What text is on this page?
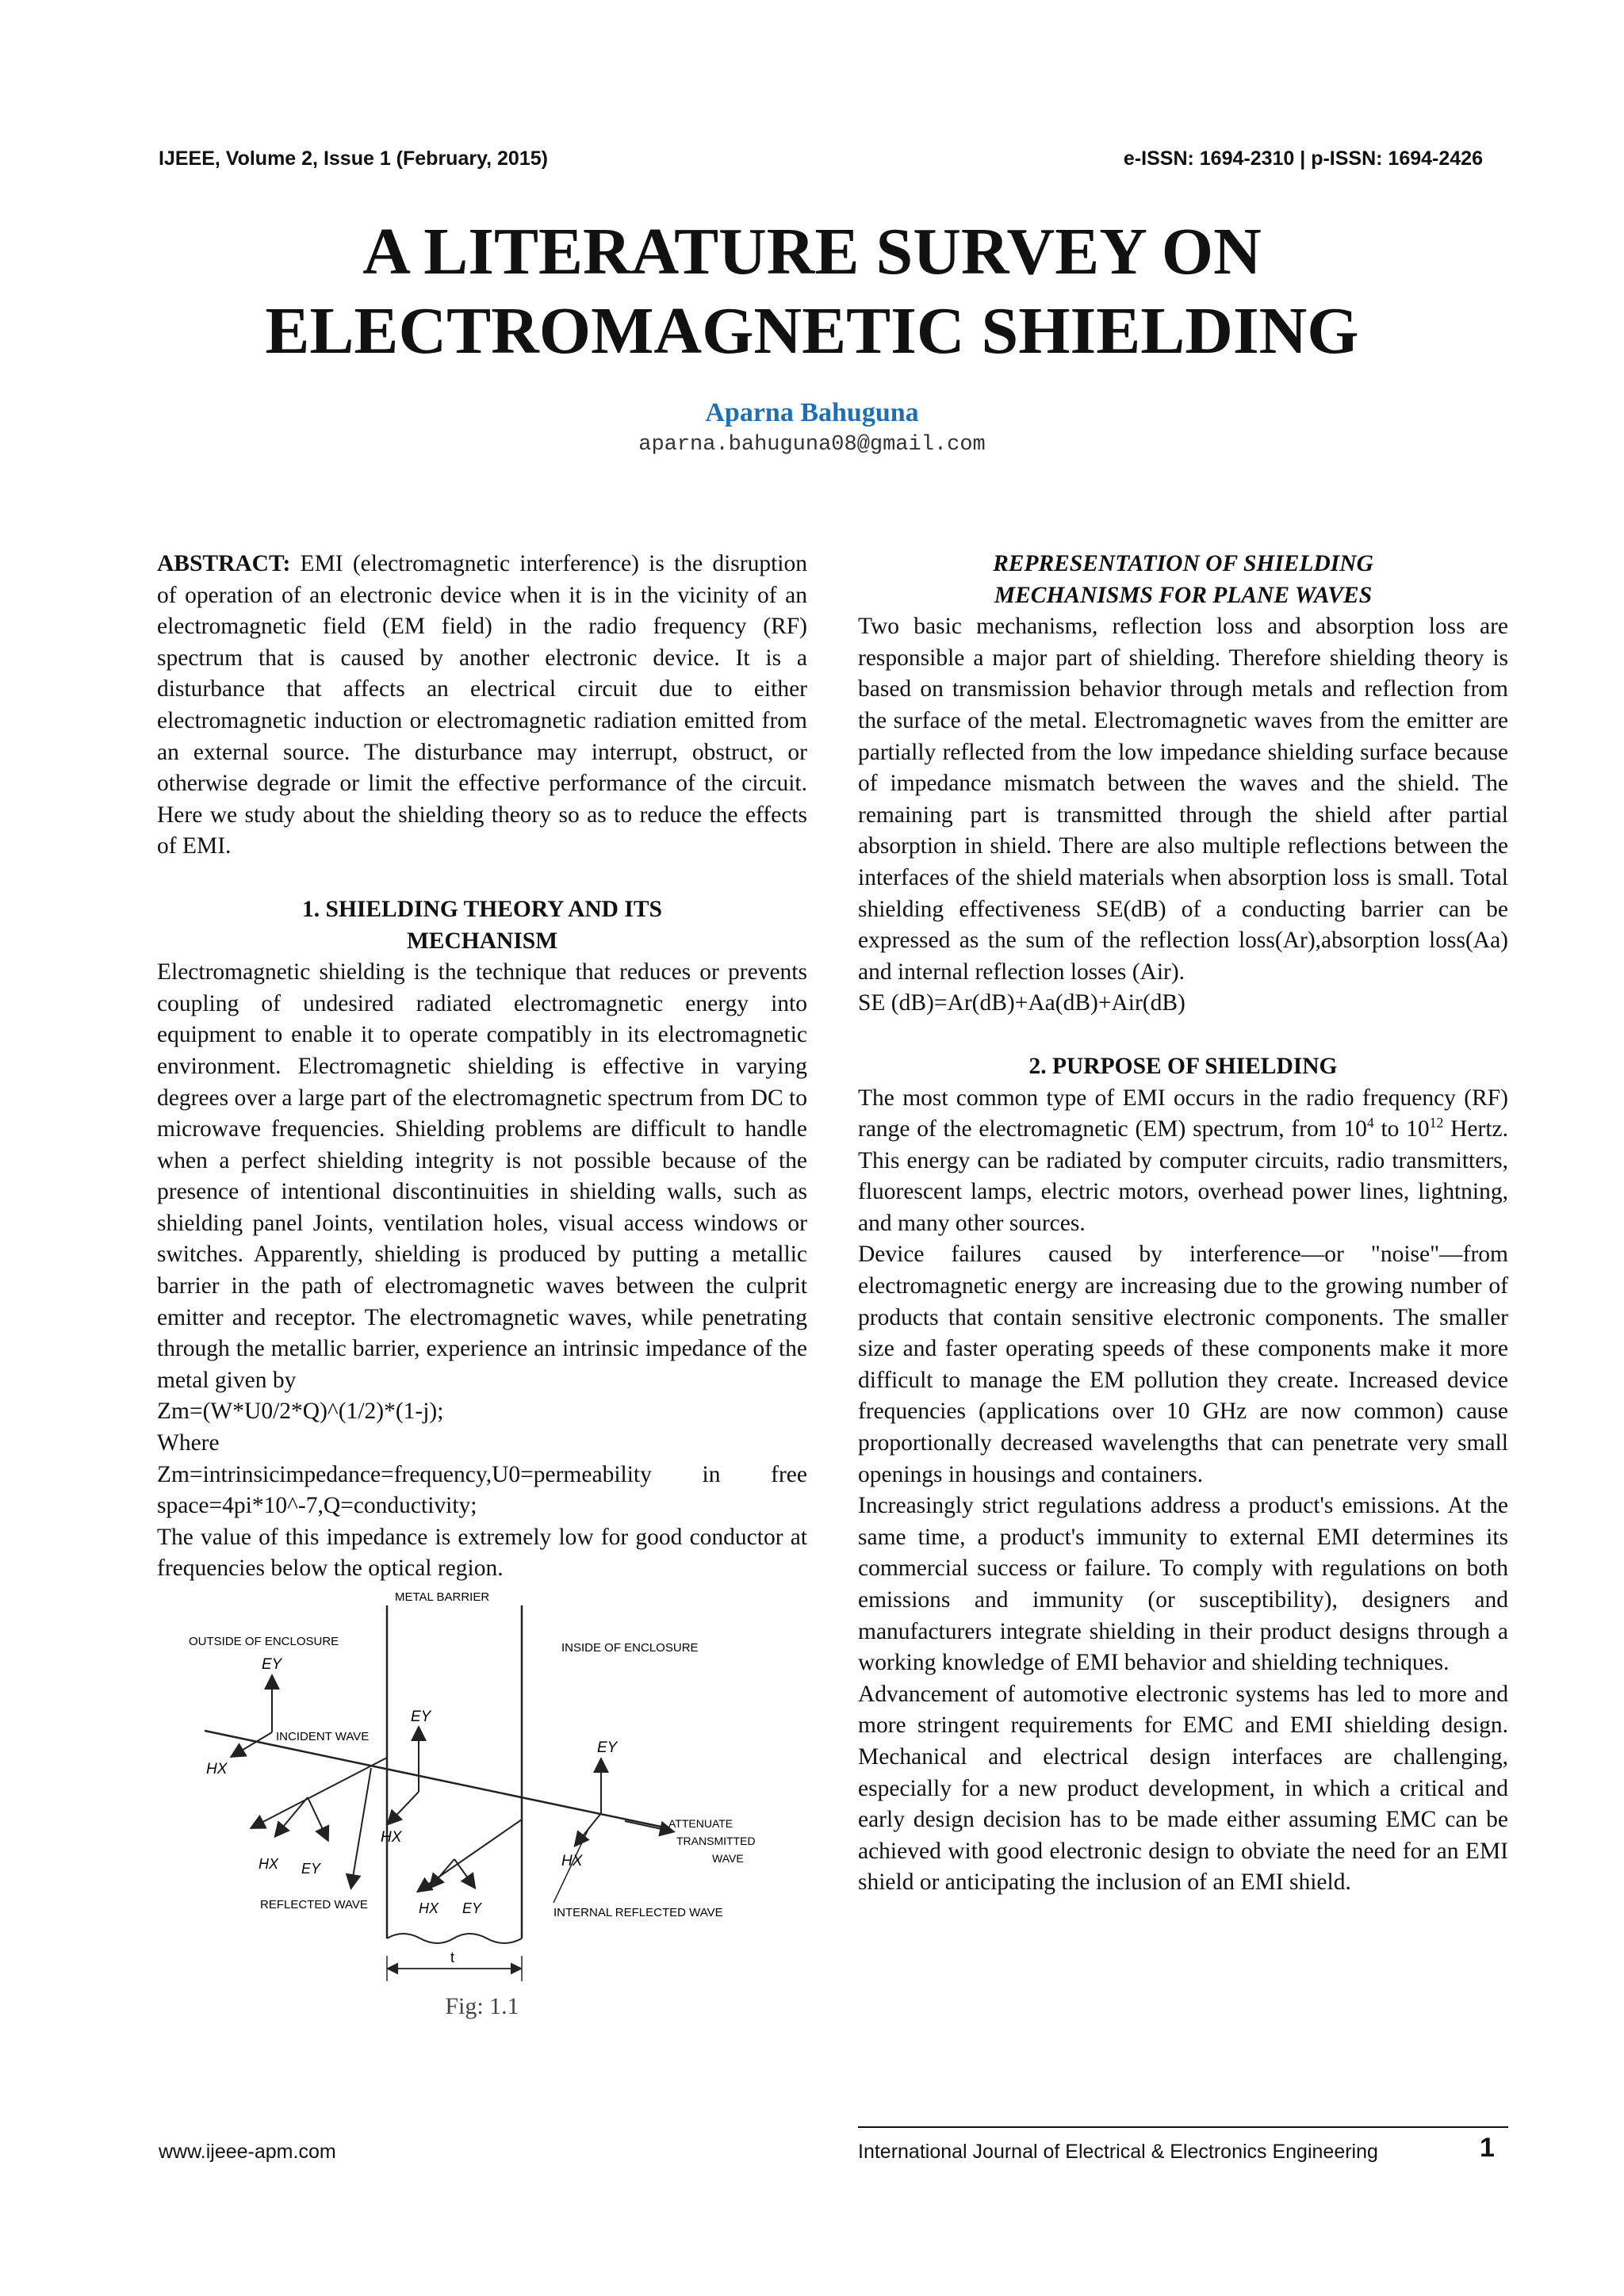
IJEEE, Volume 2, Issue 1 (February, 2015)	e-ISSN: 1694-2310 | p-ISSN: 1694-2426
A LITERATURE SURVEY ON
ELECTROMAGNETIC SHIELDING
Aparna Bahuguna
aparna.bahuguna08@gmail.com

ABSTRACT: EMI (electromagnetic interference) is the disruption of operation of an electronic device when it is in the vicinity of an electromagnetic field (EM field) in the radio frequency (RF) spectrum that is caused by another electronic device. It is a disturbance that affects an electrical circuit due to either electromagnetic induction or electromagnetic radiation emitted from an external source. The disturbance may interrupt, obstruct, or otherwise degrade or limit the effective performance of the circuit. Here we study about the shielding theory so as to reduce the effects of EMI.

1. SHIELDING THEORY AND ITS
MECHANISM

Electromagnetic shielding is the technique that reduces or prevents coupling of undesired radiated electromagnetic energy into equipment to enable it to operate compatibly in its electromagnetic environment. Electromagnetic shielding is effective in varying degrees over a large part of the electromagnetic spectrum from DC to microwave frequencies. Shielding problems are difficult to handle when a perfect shielding integrity is not possible because of the presence of intentional discontinuities in shielding walls, such as shielding panel Joints, ventilation holes, visual access windows or switches. Apparently, shielding is produced by putting a metallic barrier in the path of electromagnetic waves between the culprit emitter and receptor. The electromagnetic waves, while penetrating through the metallic barrier, experience an intrinsic impedance of the metal given by

Zm=(W*U0/2*Q)^(1/2)*(1-j);

Where

Zm=intrinsicimpedance=frequency,U0=permeability in free space=4pi*10^-7,Q=conductivity;

The value of this impedance is extremely low for good conductor at frequencies below the optical region.

METAL BARRIER
OUTSIDE OF ENCLOSURE	INSIDE OF ENCLOSURE
INCIDENT WAVE
EY
HX
HX EY
REFLECTED WAVE
EY
HX
HX EY	INTERNAL REFLECTED WAVE
EY
HX
ATTENUATE
TRANSMITTED
WAVE
t
Fig: 1.1
REPRESENTATION OF SHIELDING
MECHANISMS FOR PLANE WAVES

Two basic mechanisms, reflection loss and absorption loss are responsible a major part of shielding. Therefore shielding theory is based on transmission behavior through metals and reflection from the surface of the metal. Electromagnetic waves from the emitter are partially reflected from the low impedance shielding surface because of impedance mismatch between the waves and the shield. The remaining part is transmitted through the shield after partial absorption in shield. There are also multiple reflections between the interfaces of the shield materials when absorption loss is small. Total shielding effectiveness SE(dB) of a conducting barrier can be expressed as the sum of the reflection loss(Ar),absorption loss(Aa) and internal reflection losses (Air).

SE (dB)=Ar(dB)+Aa(dB)+Air(dB)

2. PURPOSE OF SHIELDING

The most common type of EMI occurs in the radio frequency (RF) range of the electromagnetic (EM) spectrum, from $10^4$ to $10^{12}$ Hertz. This energy can be radiated by computer circuits, radio transmitters, fluorescent lamps, electric motors, overhead power lines, lightning, and many other sources.

Device failures caused by interference—or "noise"—from electromagnetic energy are increasing due to the growing number of products that contain sensitive electronic components. The smaller size and faster operating speeds of these components make it more difficult to manage the EM pollution they create. Increased device frequencies (applications over 10 GHz are now common) cause proportionally decreased wavelengths that can penetrate very small openings in housings and containers.

Increasingly strict regulations address a product's emissions. At the same time, a product's immunity to external EMI determines its commercial success or failure. To comply with regulations on both emissions and immunity (or susceptibility), designers and manufacturers integrate shielding in their product designs through a working knowledge of EMI behavior and shielding techniques.

Advancement of automotive electronic systems has led to more and more stringent requirements for EMC and EMI shielding design. Mechanical and electrical design interfaces are challenging, especially for a new product development, in which a critical and early design decision has to be made either assuming EMC can be achieved with good electronic design to obviate the need for an EMI shield or anticipating the inclusion of an EMI shield.

www.ijeee-apm.com	International Journal of Electrical & Electronics Engineering	1
